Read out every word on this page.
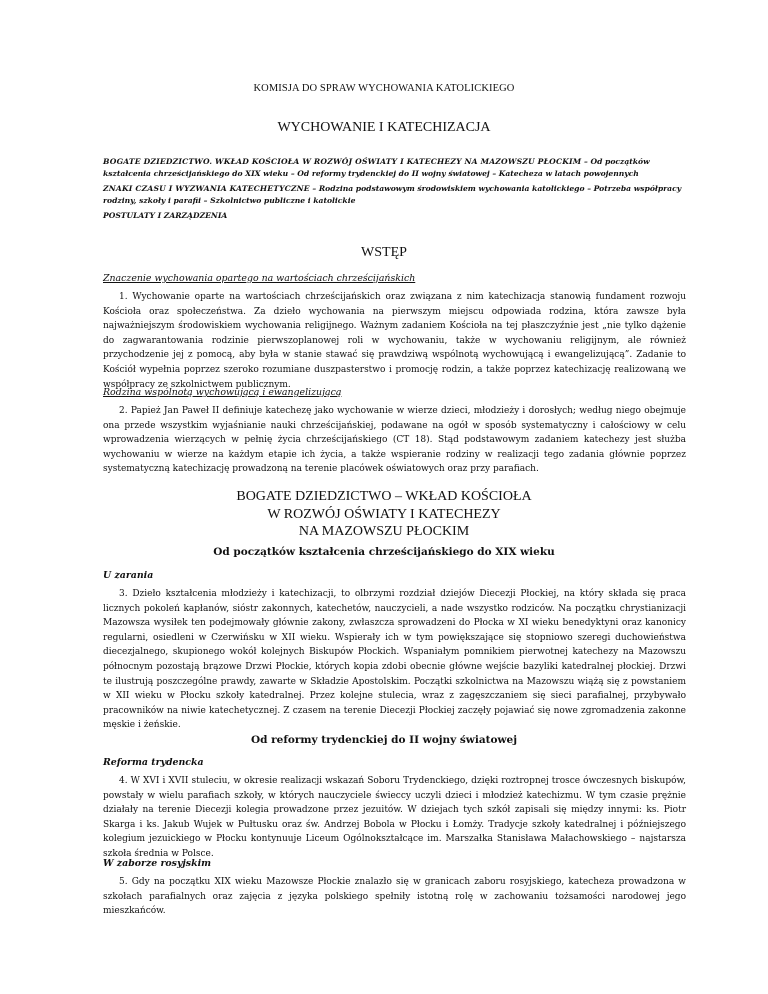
KOMISJA DO SPRAW WYCHOWANIA KATOLICKIEGO
WYCHOWANIE I KATECHIZACJA
BOGATE DZIEDZICTWO. WKŁAD KOŚCIOŁA W ROZWÓJ OŚWIATY I KATECHEZY NA MAZOWSZU PŁOCKIM – Od początków kształcenia chrześcijańskiego do XIX wieku – Od reformy trydenckiej do II wojny światowej – Katecheza w latach powojennych
ZNAKI CZASU I WYZWANIA KATECHETYCZNE – Rodzina podstawowym środowiskiem wychowania katolickiego – Potrzeba współpracy rodziny, szkoły i parafii – Szkolnictwo publiczne i katolickie
POSTULATY I ZARZĄDZENIA
WSTĘP
Znaczenie wychowania opartego na wartościach chrześcijańskich
1. Wychowanie oparte na wartościach chrześcijańskich oraz związana z nim katechizacja stanowią fundament rozwoju Kościoła oraz społeczeństwa. Za dzieło wychowania na pierwszym miejscu odpowiada rodzina, która zawsze była najważniejszym środowiskiem wychowania religijnego. Ważnym zadaniem Kościoła na tej płaszczyźnie jest „nie tylko dążenie do zagwarantowania rodzinie pierwszoplanowej roli w wychowaniu, także w wychowaniu religijnym, ale również przychodzenie jej z pomocą, aby była w stanie stawać się prawdziwą wspólnotą wychowującą i ewangelizującą”. Zadanie to Kościół wypełnia poprzez szeroko rozumiane duszpasterstwo i promocję rodzin, a także poprzez katechizację realizowaną we współpracy ze szkolnictwem publicznym.
Rodzina wspólnotą wychowującą i ewangelizującą
2. Papież Jan Paweł II definiuje katechezę jako wychowanie w wierze dzieci, młodzieży i dorosłych; według niego obejmuje ona przede wszystkim wyjaśnianie nauki chrześcijańskiej, podawane na ogół w sposób systematyczny i całościowy w celu wprowadzenia wierzących w pełnię życia chrześcijańskiego (CT 18). Stąd podstawowym zadaniem katechezy jest służba wychowaniu w wierze na każdym etapie ich życia, a także wspieranie rodziny w realizacji tego zadania głównie poprzez systematyczną katechizację prowadzoną na terenie placówek oświatowych oraz przy parafiach.
BOGATE DZIEDZICTWO – WKŁAD KOŚCIOŁA
W ROZWÓJ OŚWIATY I KATECHEZY
NA MAZOWSZU PŁOCKIM
Od początków kształcenia chrześcijańskiego do XIX wieku
U zarania
3. Dzieło kształcenia młodzieży i katechizacji, to olbrzymi rozdział dziejów Diecezji Płockiej, na który składa się praca licznych pokoleń kapłanów, sióstr zakonnych, katechetów, nauczycieli, a nade wszystko rodziców. Na początku chrystianizacji Mazowsza wysiłek ten podejmowały głównie zakony, zwłaszcza sprowadzeni do Płocka w XI wieku benedyktyni oraz kanonicy regularni, osiedleni w Czerwińsku w XII wieku. Wspierały ich w tym powiększające się stopniowo szeregi duchowieństwa diecezjalnego, skupionego wokół kolejnych Biskupów Płockich. Wspaniałym pomnikiem pierwotnej katechezy na Mazowszu północnym pozostają brązowe Drzwi Płockie, których kopia zdobi obecnie główne wejście bazyliki katedralnej płockiej. Drzwi te ilustrują poszczególne prawdy, zawarte w Składzie Apostolskim. Początki szkolnictwa na Mazowszu wiążą się z powstaniem w XII wieku w Płocku szkoły katedralnej. Przez kolejne stulecia, wraz z zagęszczaniem się sieci parafialnej, przybywało pracowników na niwie katechetycznej. Z czasem na terenie Diecezji Płockiej zaczęły pojawiać się nowe zgromadzenia zakonne męskie i żeńskie.
Od reformy trydenckiej do II wojny światowej
Reforma trydencka
4. W XVI i XVII stuleciu, w okresie realizacji wskazań Soboru Trydenckiego, dzięki roztropnej trosce ówczesnych biskupów, powstały w wielu parafiach szkoły, w których nauczyciele świeccy uczyli dzieci i młodzież katechizmu. W tym czasie prężnie działały na terenie Diecezji kolegia prowadzone przez jezuitów. W dziejach tych szkół zapisali się między innymi: ks. Piotr Skarga i ks. Jakub Wujek w Pułtusku oraz św. Andrzej Bobola w Płocku i Łomży. Tradycje szkoły katedralnej i późniejszego kolegium jezuickiego w Płocku kontynuuje Liceum Ogólnokształcące im. Marszałka Stanisława Małachowskiego – najstarsza szkoła średnia w Polsce.
W zaborze rosyjskim
5. Gdy na początku XIX wieku Mazowsze Płockie znalazło się w granicach zaboru rosyjskiego, katecheza prowadzona w szkołach parafialnych oraz zajęcia z języka polskiego spełniły istotną rolę w zachowaniu tożsamości narodowej jego mieszkańców.
